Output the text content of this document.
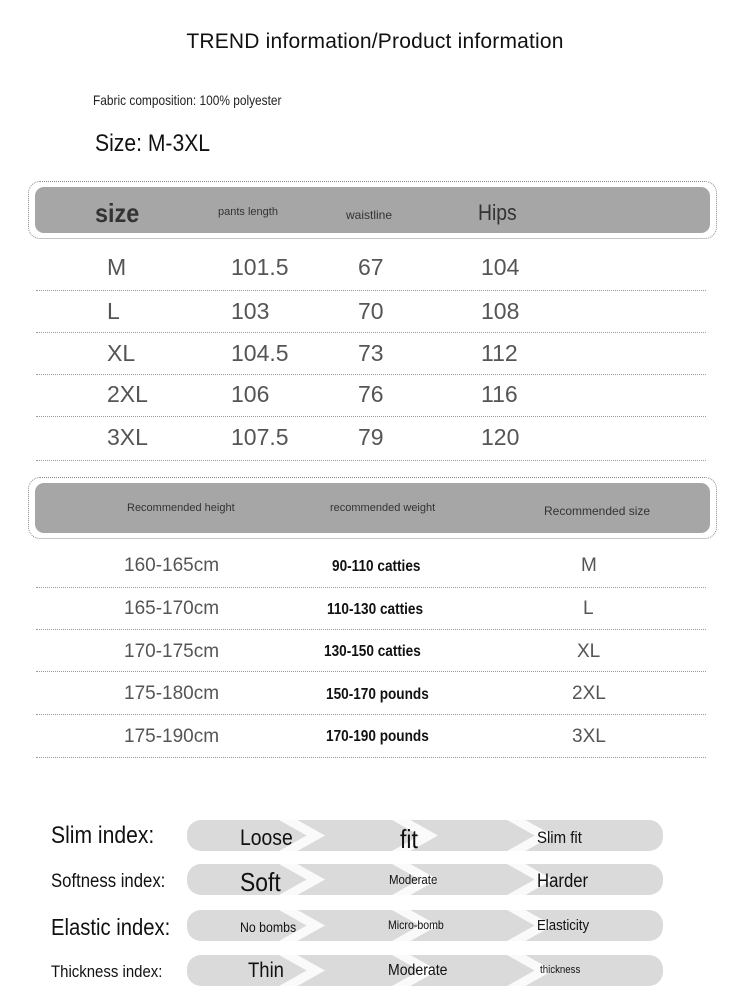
TREND information/Product information
Fabric composition: 100% polyester
Size: M-3XL
size	pants length	waistline	Hips
M	101.5	67	104
L	103	70	108
XL	104.5	73	112
2XL	106	76	116
3XL	107.5	79	120
Recommended height	recommended weight	Recommended size
160-165cm	90-110 catties	M
165-170cm	110-130 catties	L
170-175cm	130-150 catties	XL
175-180cm	150-170 pounds	2XL
175-190cm	170-190 pounds	3XL
Slim index:	Loose	fit	Slim fit
Softness index:	Soft	Moderate	Harder
Elastic index:	No bombs	Micro-bomb	Elasticity
Thickness index:	Thin	Moderate	thickness
